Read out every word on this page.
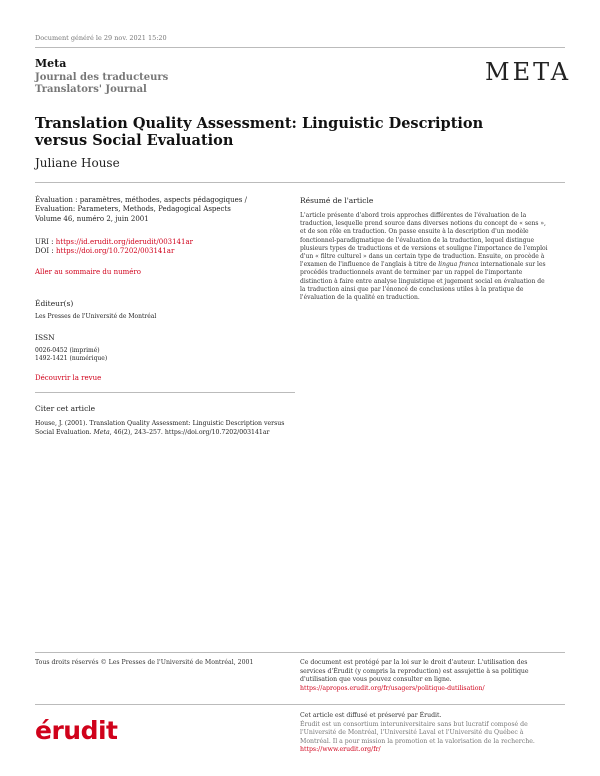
Document généré le 29 nov. 2021 15:20
Meta
Journal des traducteurs
Translators' Journal
META
Translation Quality Assessment: Linguistic Description versus Social Evaluation
Juliane House
Évaluation : paramètres, méthodes, aspects pédagogiques /
Evaluation: Parameters, Methods, Pedagogical Aspects
Volume 46, numéro 2, juin 2001
URI : https://id.erudit.org/iderudit/003141ar
DOI : https://doi.org/10.7202/003141ar
Aller au sommaire du numéro
Éditeur(s)
Les Presses de l'Université de Montréal
ISSN
0026-0452 (imprimé)
1492-1421 (numérique)
Découvrir la revue
Citer cet article
House, J. (2001). Translation Quality Assessment: Linguistic Description versus
Social Evaluation. Meta, 46(2), 243–257. https://doi.org/10.7202/003141ar
Résumé de l'article
L'article présente d'abord trois approches différentes de l'évaluation de la traduction, lesquelle prend source dans diverses notions du concept de « sens », et de son rôle en traduction. On passe ensuite à la description d'un modèle fonctionnel-paradigmatique de l'évaluation de la traduction, lequel distingue plusieurs types de traductions et de versions et souligne l'importance de l'emploi d'un « filtre culturel » dans un certain type de traduction. Ensuite, on procède à l'examen de l'influence de l'anglais à titre de lingua franca internationale sur les procédés traductionnels avant de terminer par un rappel de l'importante distinction à faire entre analyse linguistique et jugement social en évaluation de la traduction ainsi que par l'énoncé de conclusions utiles à la pratique de l'évaluation de la qualité en traduction.
Tous droits réservés © Les Presses de l'Université de Montréal, 2001	Ce document est protégé par la loi sur le droit d'auteur. L'utilisation des services d'Érudit (y compris la reproduction) est assujettie à sa politique d'utilisation que vous pouvez consulter en ligne.
https://apropos.erudit.org/fr/usagers/politique-dutilisation/
érudit
Cet article est diffusé et préservé par Érudit.
Érudit est un consortium interuniversitaire sans but lucratif composé de l'Université de Montréal, l'Université Laval et l'Université du Québec à Montréal. Il a pour mission la promotion et la valorisation de la recherche.
https://www.erudit.org/fr/
